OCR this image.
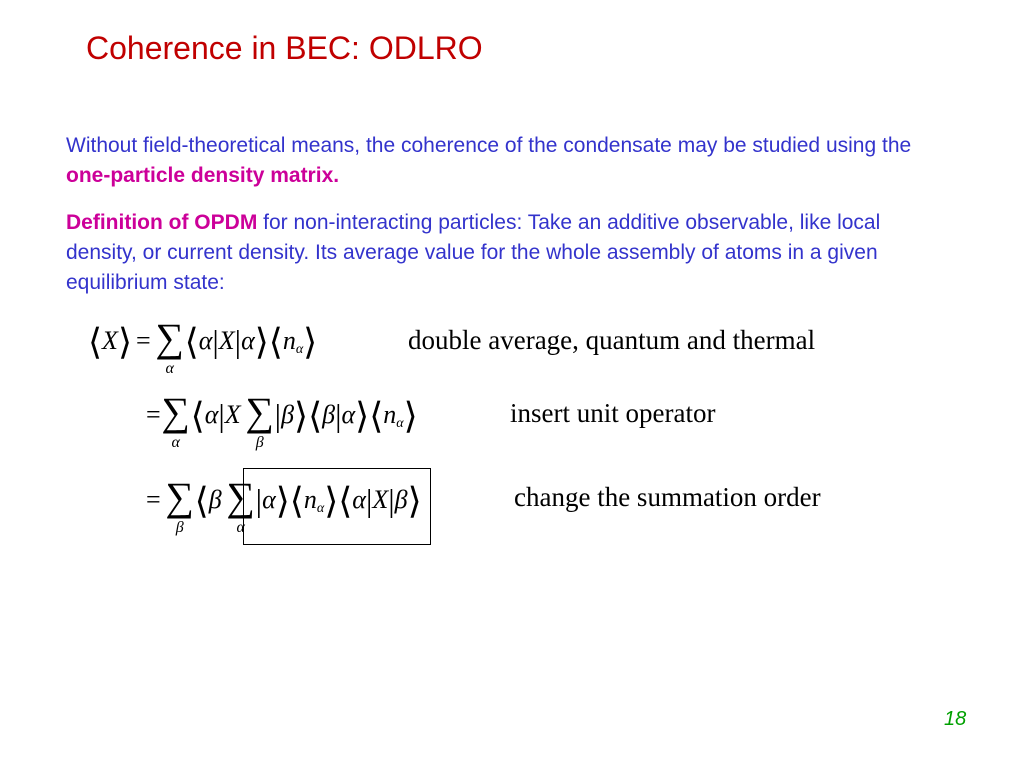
Coherence in BEC: ODLRO
Without field-theoretical means, the coherence of the condensate may be studied using the one-particle density matrix.
Definition of OPDM for non-interacting particles: Take an additive observable, like local density, or current density. Its average value for the whole assembly of atoms in a given equilibrium state:
⟨X⟩ = ∑
α
$⟨\alpha|X|\alpha⟩⟨n_\alpha⟩$	double average, quantum and thermal
= ∑
α
⟨α|X ∑
β
$|\beta⟩⟨\beta|\alpha⟩⟨n_\alpha⟩$	insert unit operator
= ∑
β
⟨β ∑
α
$|\alpha⟩⟨n_\alpha⟩⟨\alpha|X|\beta⟩$	change the summation order
18
